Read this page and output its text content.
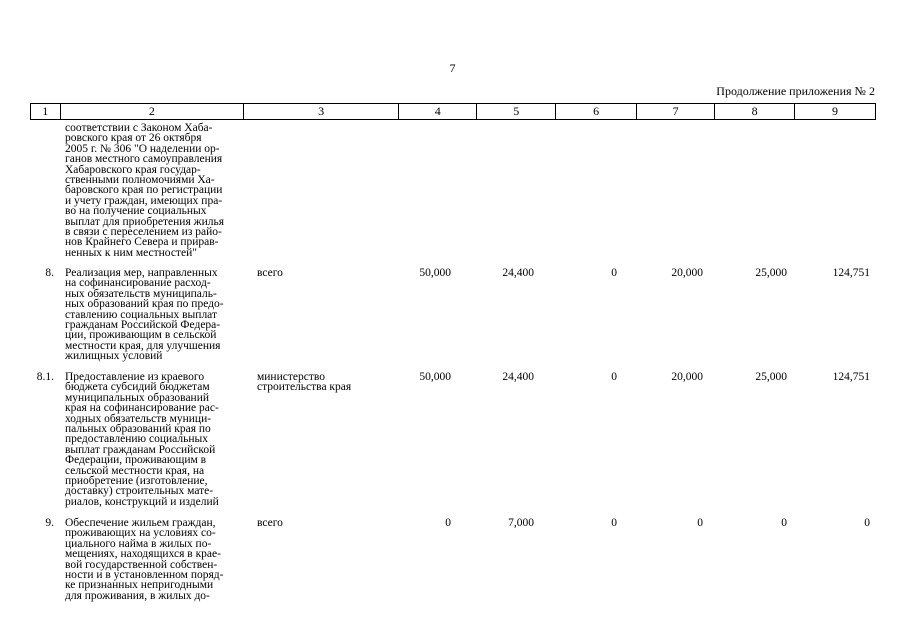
7
Продолжение приложения № 2
1	2	3	4	5	6	7	8	9
соответствии с Законом Хаба-
ровского края от 26 октября
2005 г. № 306 "О наделении ор-
ганов местного самоуправления
Хабаровского края государ-
ственными полномочиями Ха-
баровского края по регистрации
и учету граждан, имеющих пра-
во на получение социальных
выплат для приобретения жилья
в связи с переселением из райо-
нов Крайнего Севера и прирав-
ненных к ним местностей"
8. Реализация мер, направленных
на софинансирование расход-
ных обязательств муниципаль-
ных образований края по предо-
ставлению социальных выплат
гражданам Российской Федера-
ции, проживающим в сельской
местности края, для улучшения
жилищных условий
всего	50,000	24,400	0	20,000	25,000	124,751
8.1. Предоставление из краевого
бюджета субсидий бюджетам
муниципальных образований
края на софинансирование рас-
ходных обязательств муници-
пальных образований края по
предоставлению социальных
выплат гражданам Российской
Федерации, проживающим в
сельской местности края, на
приобретение (изготовление,
доставку) строительных мате-
риалов, конструкций и изделий
министерство
строительства края
50,000	24,400	0	20,000	25,000	124,751
9. Обеспечение жильем граждан,
проживающих на условиях со-
циального найма в жилых по-
мещениях, находящихся в крае-
вой государственной собствен-
ности и в установленном поряд-
ке признанных непригодными
для проживания, в жилых до-
всего	0	7,000	0	0	0	0
